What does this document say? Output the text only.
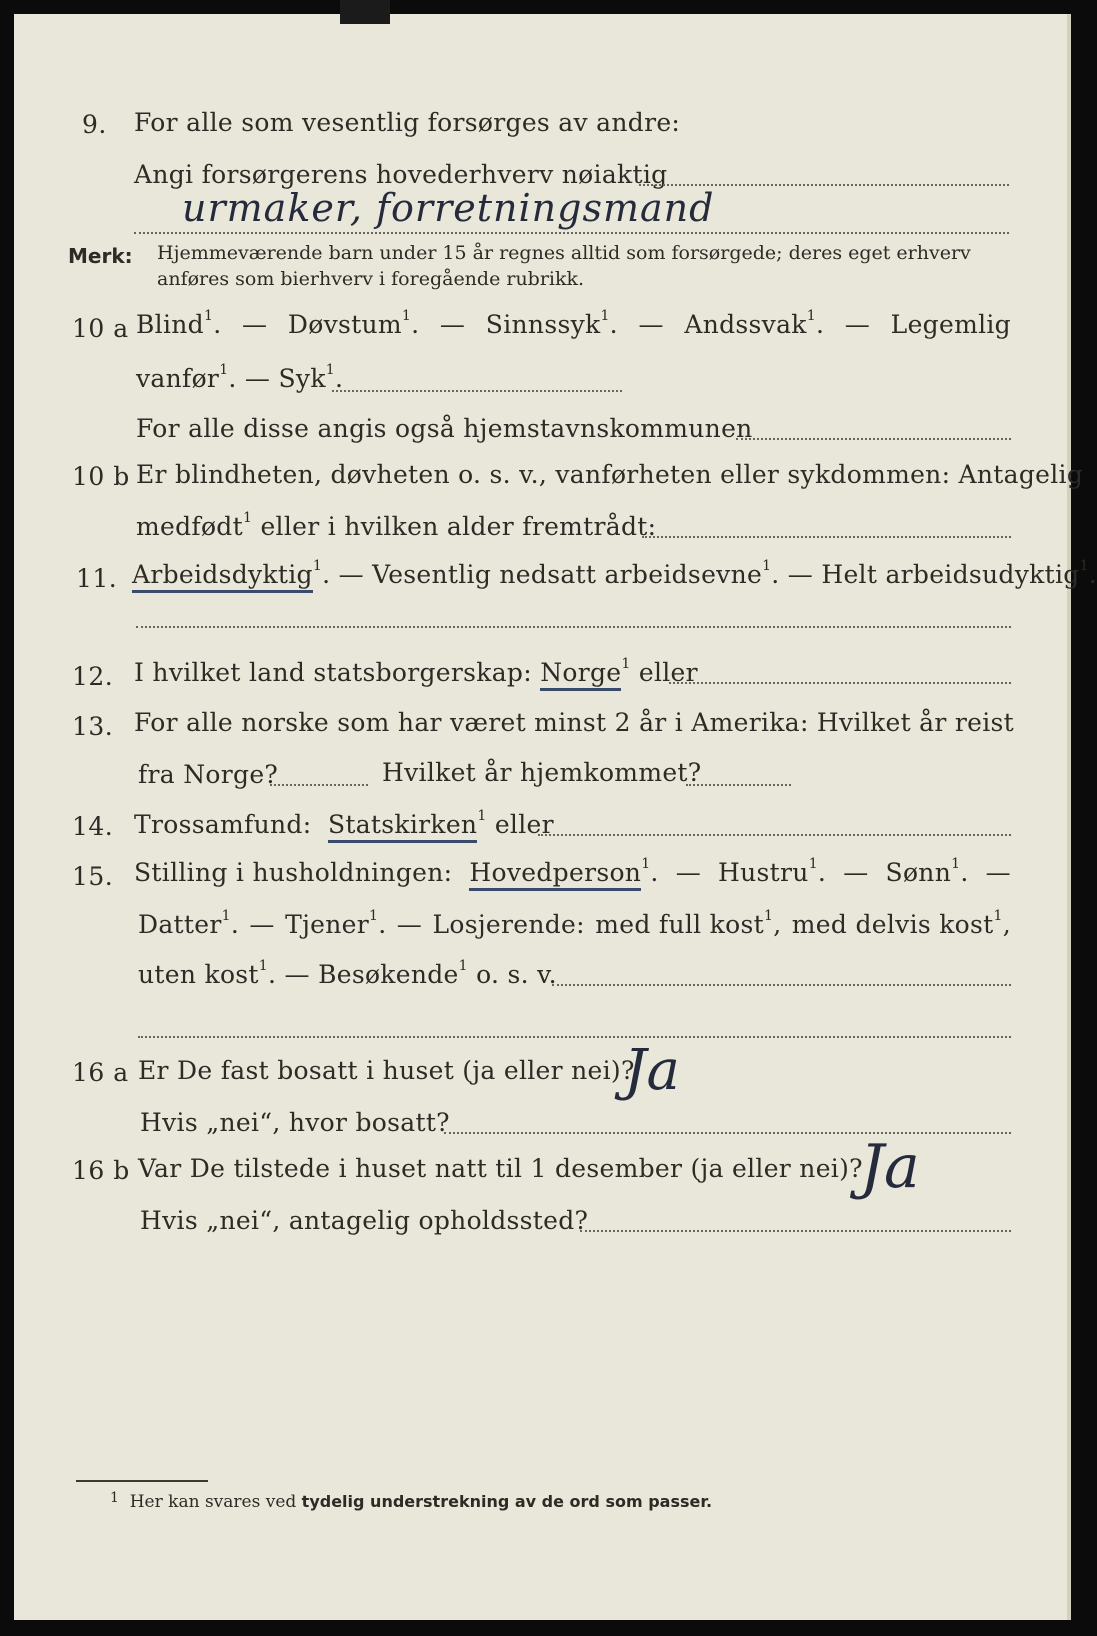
9. For alle som vesentlig forsørges av andre:
Angi forsørgerens hovederhverv nøiaktig
urmaker, forretningsmand
Merk: Hjemmeværende barn under 15 år regnes alltid som forsørgede; deres eget erhverv
anføres som bierhverv i foregående rubrikk.
10 a Blind$^1$. — Døvstum$^1$. — Sinnssyk$^1$. — Andssvak$^1$. — Legemlig
vanfør$^1$. — Syk$^1$.
For alle disse angis også hjemstavnskommunen
10 b Er blindheten, døvheten o. s. v., vanførheten eller sykdommen: Antagelig
medfødt$^1$ eller i hvilken alder fremtrådt:
11. Arbeidsdyktig$^1$. — Vesentlig nedsatt arbeidsevne$^1$. — Helt arbeidsudyktig$^1$.
12. I hvilket land statsborgerskap: Norge$^1$ eller
13. For alle norske som har været minst 2 år i Amerika: Hvilket år reist
fra Norge?	Hvilket år hjemkommet?
14. Trossamfund: Statskirken$^1$ eller
15. Stilling i husholdningen: Hovedperson$^1$. — Hustru$^1$. — Sønn$^1$. —
Datter$^1$. — Tjener$^1$. — Losjerende: med full kost$^1$, med delvis kost$^1$,
uten kost$^1$. — Besøkende$^1$ o. s. v.
16 a Er De fast bosatt i huset (ja eller nei)?
Ja
Hvis „nei“, hvor bosatt?
16 b Var De tilstede i huset natt til 1 desember (ja eller nei)?
Ja
Hvis „nei“, antagelig opholdssted?
$^1$ Her kan svares ved tydelig understrekning av de ord som passer.
